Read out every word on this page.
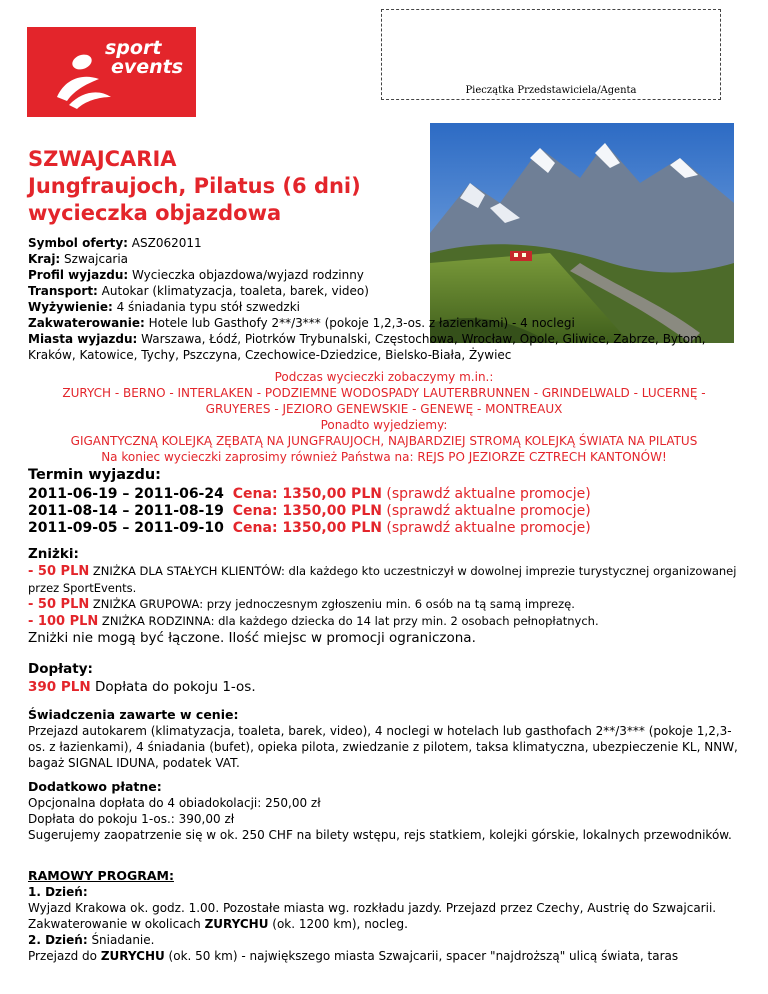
sport
events
Pieczątka Przedstawiciela/Agenta
SZWAJCARIA
Jungfraujoch, Pilatus (6 dni)
wycieczka objazdowa
Symbol oferty: ASZ062011
Kraj: Szwajcaria
Profil wyjazdu: Wycieczka objazdowa/wyjazd rodzinny
Transport: Autokar (klimatyzacja, toaleta, barek, video)
Wyżywienie: 4 śniadania typu stół szwedzki
Zakwaterowanie: Hotele lub Gasthofy 2**/3*** (pokoje 1,2,3-os. z łazienkami) - 4 noclegi
Miasta wyjazdu: Warszawa, Łódź, Piotrków Trybunalski, Częstochowa, Wrocław, Opole, Gliwice, Zabrze, Bytom, Kraków, Katowice, Tychy, Pszczyna, Czechowice-Dziedzice, Bielsko-Biała, Żywiec
Podczas wycieczki zobaczymy m.in.:
ZURYCH - BERNO - INTERLAKEN - PODZIEMNE WODOSPADY LAUTERBRUNNEN - GRINDELWALD - LUCERNĘ -
GRUYERES - JEZIORO GENEWSKIE - GENEWĘ - MONTREAUX
Ponadto wyjedziemy:
GIGANTYCZNĄ KOLEJKĄ ZĘBATĄ NA JUNGFRAUJOCH, NAJBARDZIEJ STROMĄ KOLEJKĄ ŚWIATA NA PILATUS
Na koniec wycieczki zaprosimy również Państwa na: REJS PO JEZIORZE CZTRECH KANTONÓW!
Termin wyjazdu:
2011-06-19 – 2011-06-24 Cena: 1350,00 PLN (sprawdź aktualne promocje)
2011-08-14 – 2011-08-19 Cena: 1350,00 PLN (sprawdź aktualne promocje)
2011-09-05 – 2011-09-10 Cena: 1350,00 PLN (sprawdź aktualne promocje)
Zniżki:
- 50 PLN ZNIŻKA DLA STAŁYCH KLIENTÓW: dla każdego kto uczestniczył w dowolnej imprezie turystycznej organizowanej przez SportEvents.
- 50 PLN ZNIŻKA GRUPOWA: przy jednoczesnym zgłoszeniu min. 6 osób na tą samą imprezę.
- 100 PLN ZNIŻKA RODZINNA: dla każdego dziecka do 14 lat przy min. 2 osobach pełnopłatnych.
Zniżki nie mogą być łączone. Ilość miejsc w promocji ograniczona.
Dopłaty:
390 PLN Dopłata do pokoju 1-os.
Świadczenia zawarte w cenie:
Przejazd autokarem (klimatyzacja, toaleta, barek, video), 4 noclegi w hotelach lub gasthofach 2**/3*** (pokoje 1,2,3-os. z łazienkami), 4 śniadania (bufet), opieka pilota, zwiedzanie z pilotem, taksa klimatyczna, ubezpieczenie KL, NNW, bagaż SIGNAL IDUNA, podatek VAT.
Dodatkowo płatne:
Opcjonalna dopłata do 4 obiadokolacji: 250,00 zł
Dopłata do pokoju 1-os.: 390,00 zł
Sugerujemy zaopatrzenie się w ok. 250 CHF na bilety wstępu, rejs statkiem, kolejki górskie, lokalnych przewodników.
RAMOWY PROGRAM:
1. Dzień:
Wyjazd Krakowa ok. godz. 1.00. Pozostałe miasta wg. rozkładu jazdy. Przejazd przez Czechy, Austrię do Szwajcarii. Zakwaterowanie w okolicach ZURYCHU (ok. 1200 km), nocleg.
2. Dzień: Śniadanie.
Przejazd do ZURYCHU (ok. 50 km) - największego miasta Szwajcarii, spacer "najdroższą" ulicą świata, taras
